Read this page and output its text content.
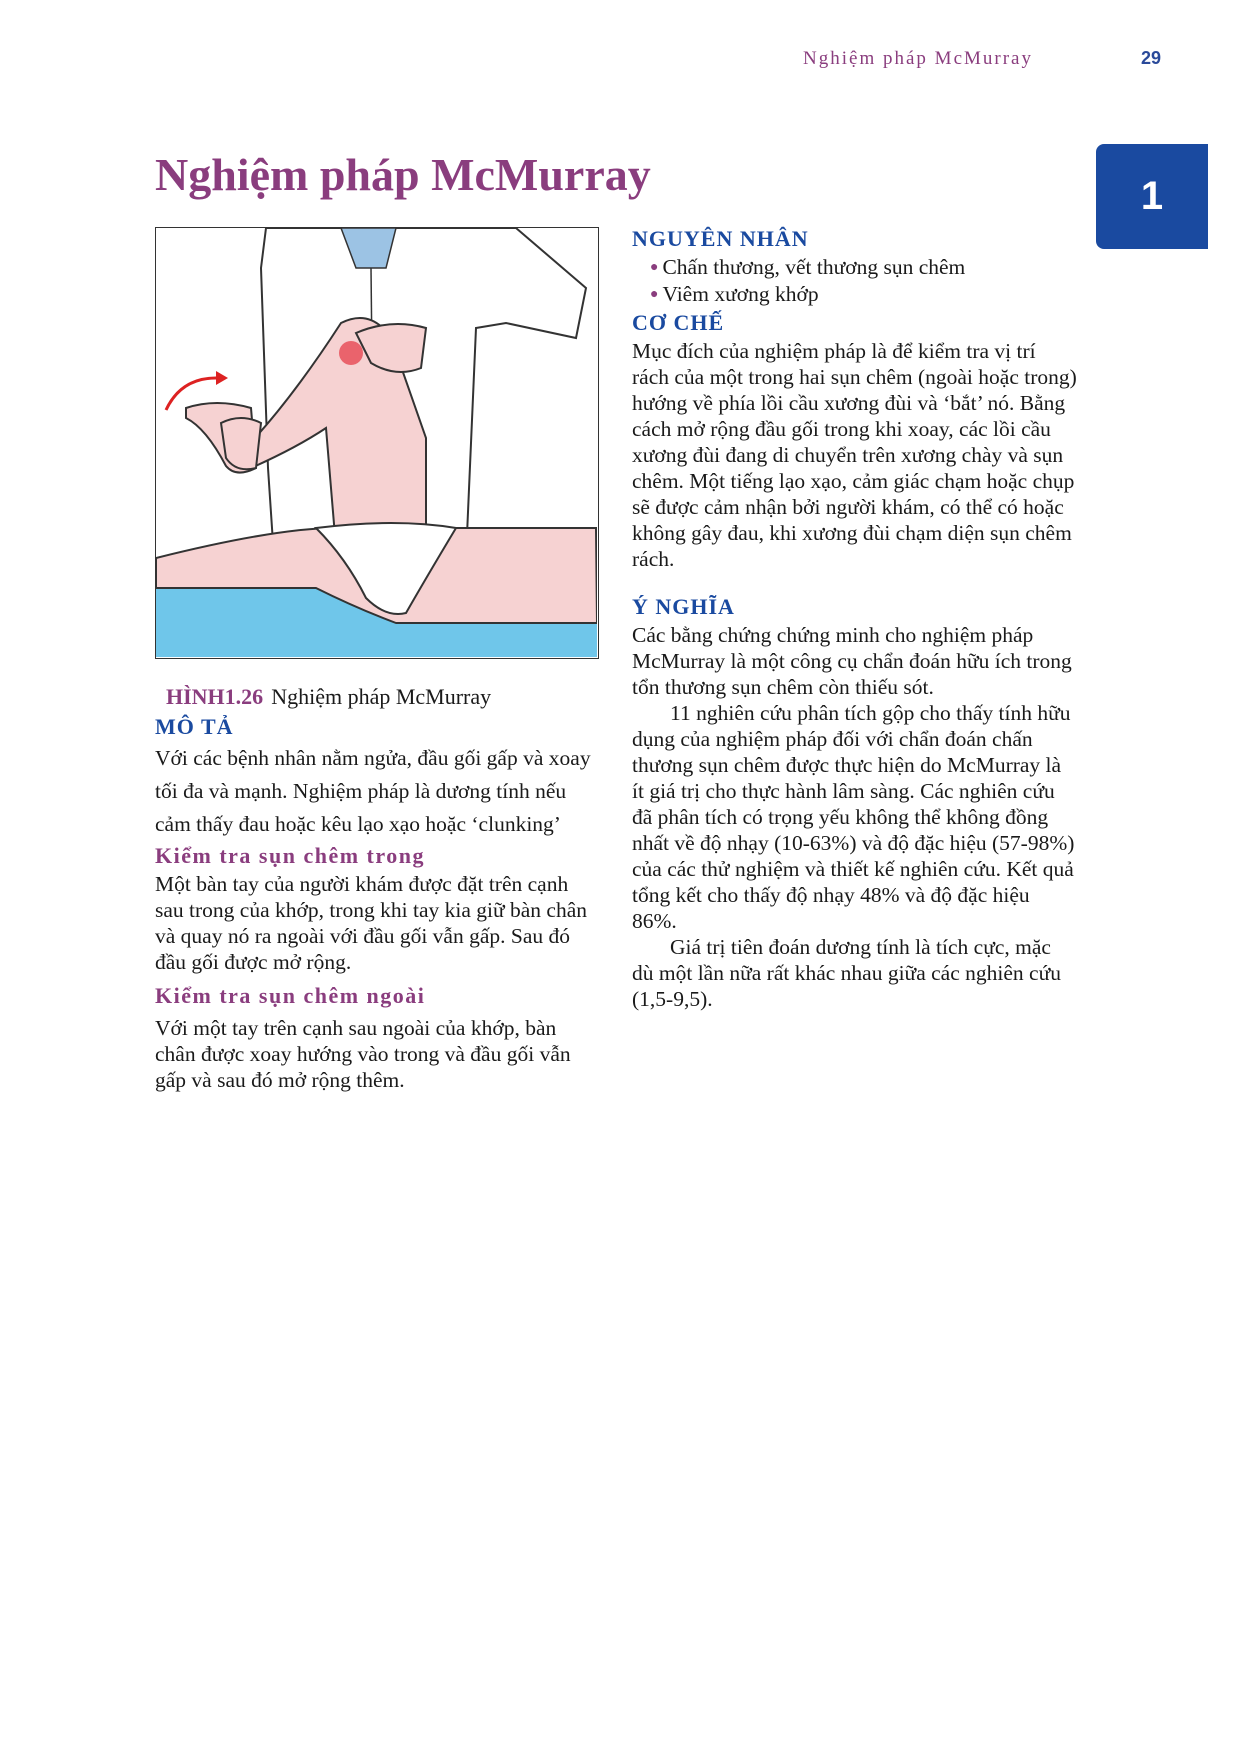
Nghiệm pháp McMurray	29
1
Nghiệm pháp McMurray
HÌNH1.26 Nghiệm pháp McMurray
MÔ TẢ

Với các bệnh nhân nằm ngửa, đầu gối gấp và xoay tối đa và mạnh. Nghiệm pháp là dương tính nếu cảm thấy đau hoặc kêu lạo xạo hoặc ‘clunking’

Kiểm tra sụn chêm trong

Một bàn tay của người khám được đặt trên cạnh sau trong của khớp, trong khi tay kia giữ bàn chân và quay nó ra ngoài với đầu gối vẫn gấp. Sau đó đầu gối được mở rộng.

Kiểm tra sụn chêm ngoài

Với một tay trên cạnh sau ngoài của khớp, bàn chân được xoay hướng vào trong và đầu gối vẫn gấp và sau đó mở rộng thêm.

NGUYÊN NHÂN
● Chấn thương, vết thương sụn chêm
● Viêm xương khớp
CƠ CHẾ

Mục đích của nghiệm pháp là để kiểm tra vị trí rách của một trong hai sụn chêm (ngoài hoặc trong) hướng về phía lồi cầu xương đùi và ‘bắt’ nó. Bằng cách mở rộng đầu gối trong khi xoay, các lồi cầu xương đùi đang di chuyển trên xương chày và sụn chêm. Một tiếng lạo xạo, cảm giác chạm hoặc chụp sẽ được cảm nhận bởi người khám, có thể có hoặc không gây đau, khi xương đùi chạm diện sụn chêm rách.

Ý NGHĨA

Các bằng chứng chứng minh cho nghiệm pháp McMurray là một công cụ chẩn đoán hữu ích trong tổn thương sụn chêm còn thiếu sót.

11 nghiên cứu phân tích gộp cho thấy tính hữu dụng của nghiệm pháp đối với chẩn đoán chấn thương sụn chêm được thực hiện do McMurray là ít giá trị cho thực hành lâm sàng. Các nghiên cứu đã phân tích có trọng yếu không thể không đồng nhất về độ nhạy (10-63%) và độ đặc hiệu (57-98%) của các thử nghiệm và thiết kế nghiên cứu. Kết quả tổng kết cho thấy độ nhạy 48% và độ đặc hiệu 86%.

Giá trị tiên đoán dương tính là tích cực, mặc dù một lần nữa rất khác nhau giữa các nghiên cứu (1,5-9,5).
